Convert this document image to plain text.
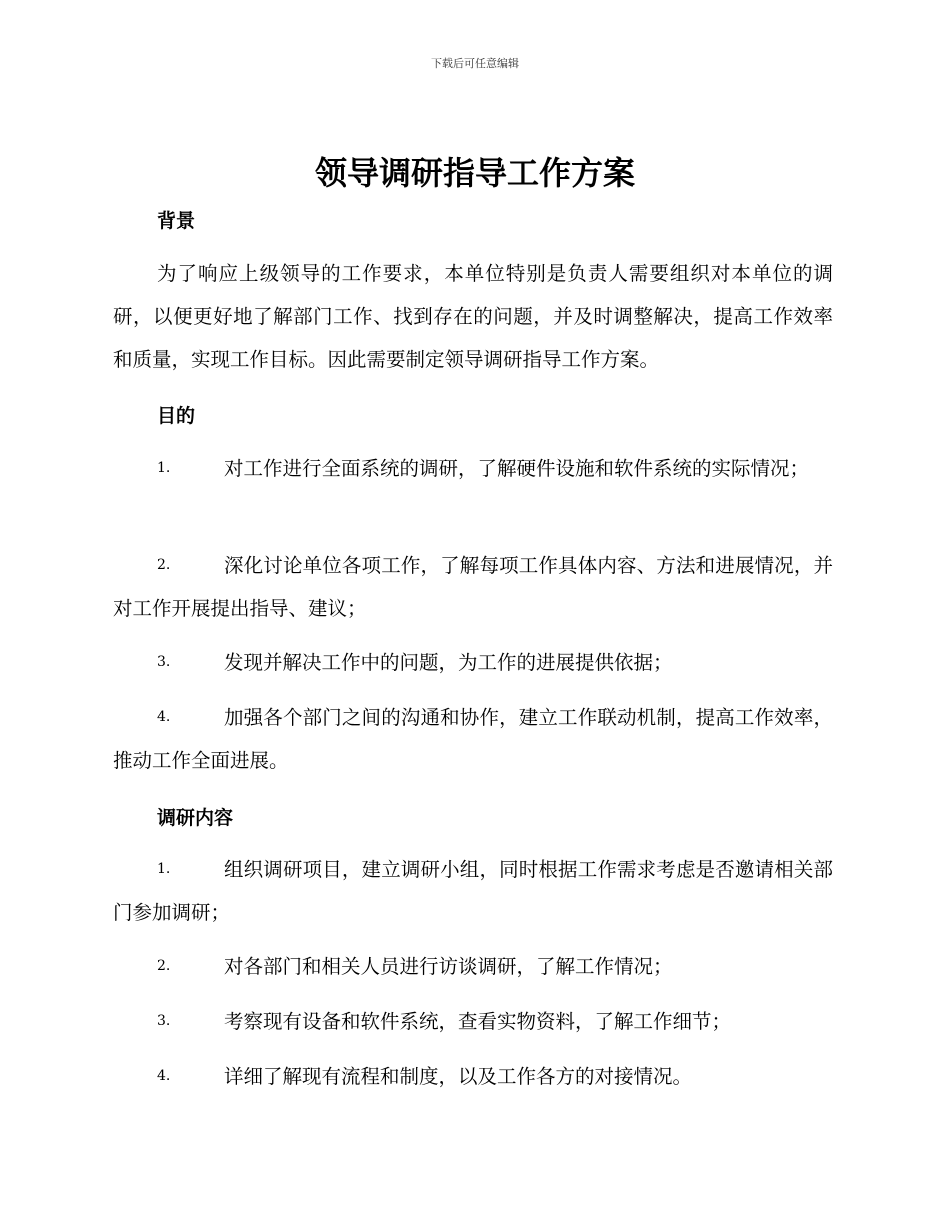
下载后可任意编辑
领导调研指导工作方案
背景
为了响应上级领导的工作要求，本单位特别是负责人需要组织对本单位的调研，以便更好地了解部门工作、找到存在的问题，并及时调整解决，提高工作效率和质量，实现工作目标。因此需要制定领导调研指导工作方案。
目的
1.	对工作进行全面系统的调研，了解硬件设施和软件系统的实际情况；
2.	深化讨论单位各项工作，了解每项工作具体内容、方法和进展情况，并对工作开展提出指导、建议；
3.	发现并解决工作中的问题，为工作的进展提供依据；
4.	加强各个部门之间的沟通和协作，建立工作联动机制，提高工作效率，推动工作全面进展。
调研内容
1.	组织调研项目，建立调研小组，同时根据工作需求考虑是否邀请相关部门参加调研；
2.	对各部门和相关人员进行访谈调研，了解工作情况；
3.	考察现有设备和软件系统，查看实物资料，了解工作细节；
4.	详细了解现有流程和制度，以及工作各方的对接情况。
